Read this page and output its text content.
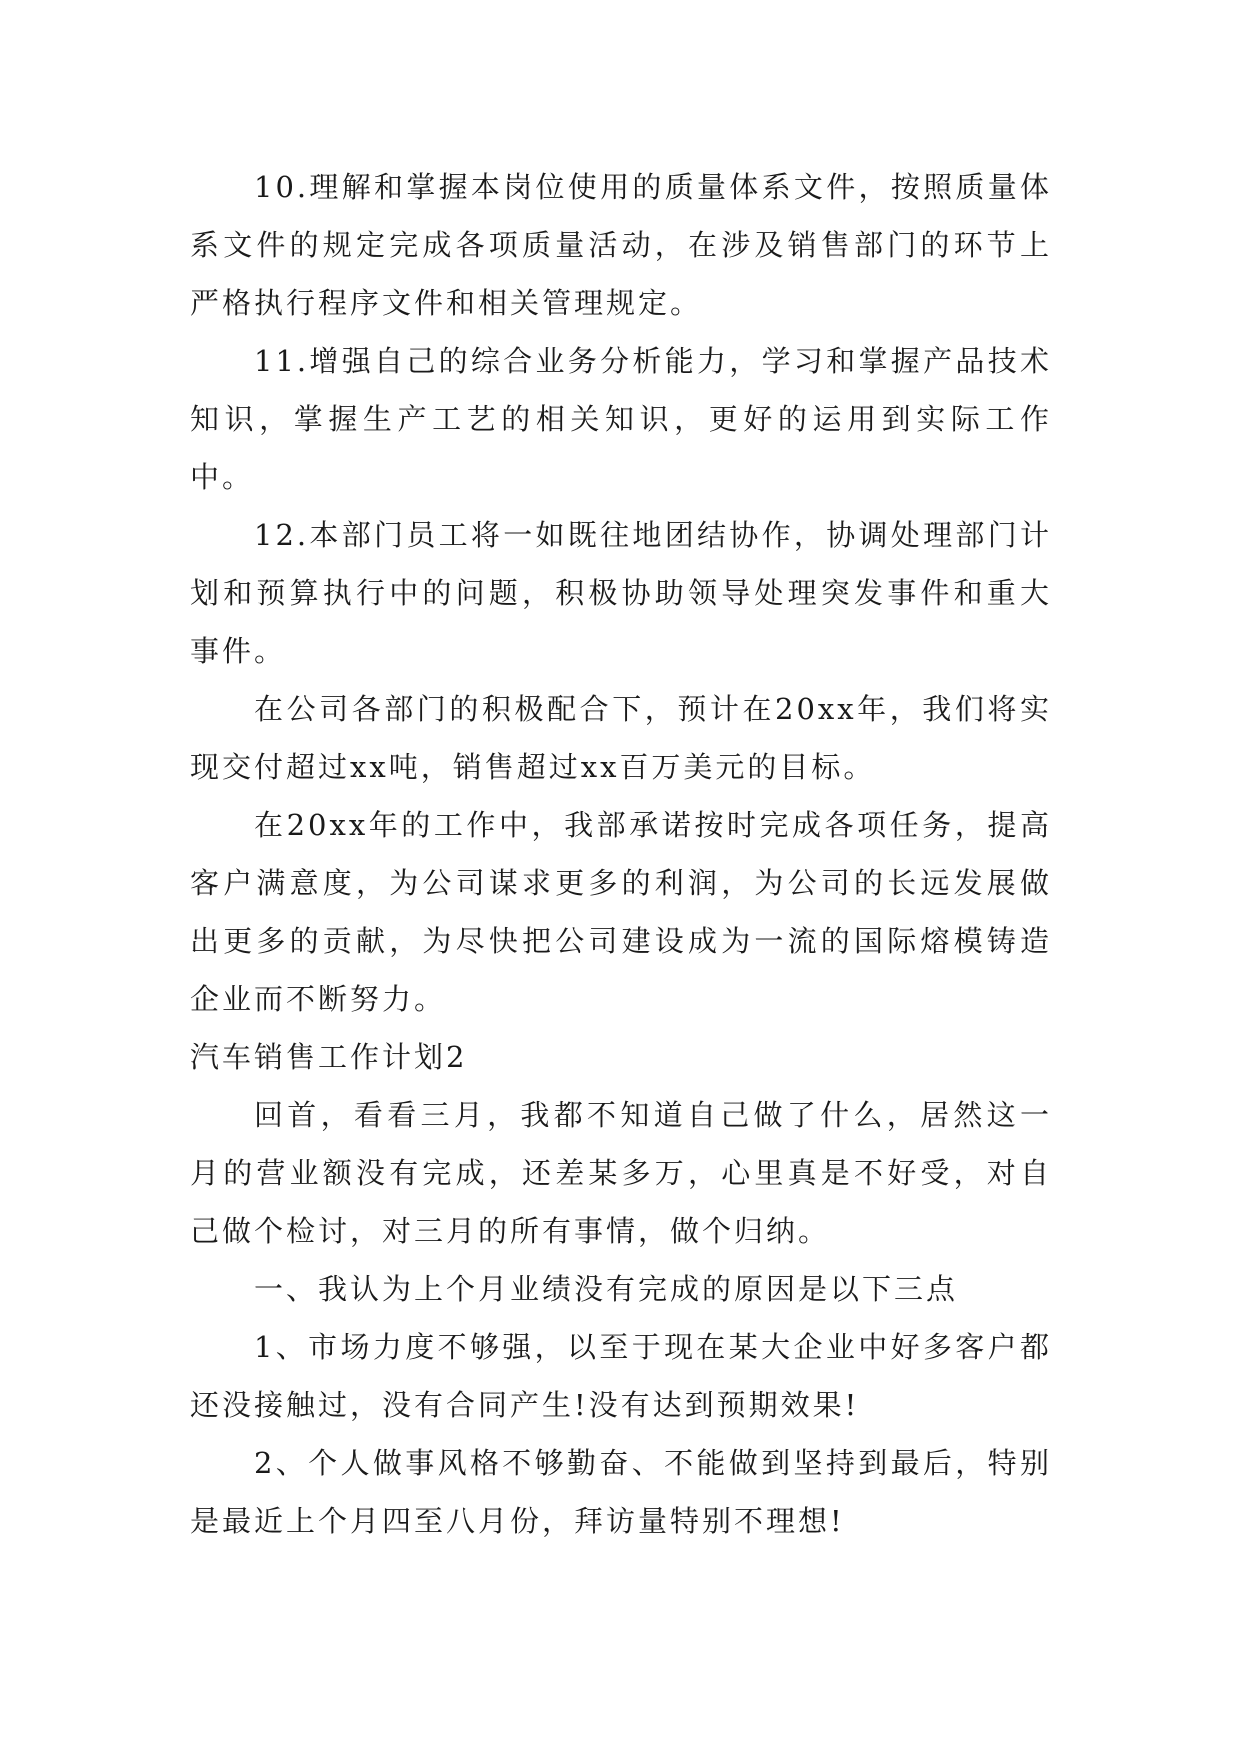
10.理解和掌握本岗位使用的质量体系文件，按照质量体系文件的规定完成各项质量活动，在涉及销售部门的环节上严格执行程序文件和相关管理规定。

11.增强自己的综合业务分析能力，学习和掌握产品技术知识，掌握生产工艺的相关知识，更好的运用到实际工作中。

12.本部门员工将一如既往地团结协作，协调处理部门计划和预算执行中的问题，积极协助领导处理突发事件和重大事件。

在公司各部门的积极配合下，预计在20xx年，我们将实现交付超过xx吨，销售超过xx百万美元的目标。

在20xx年的工作中，我部承诺按时完成各项任务，提高客户满意度，为公司谋求更多的利润，为公司的长远发展做出更多的贡献，为尽快把公司建设成为一流的国际熔模铸造企业而不断努力。

汽车销售工作计划2

回首，看看三月，我都不知道自己做了什么，居然这一月的营业额没有完成，还差某多万，心里真是不好受，对自己做个检讨，对三月的所有事情，做个归纳。

一、我认为上个月业绩没有完成的原因是以下三点

1、市场力度不够强，以至于现在某大企业中好多客户都还没接触过，没有合同产生!没有达到预期效果!

2、个人做事风格不够勤奋、不能做到坚持到最后，特别是最近上个月四至八月份，拜访量特别不理想!
